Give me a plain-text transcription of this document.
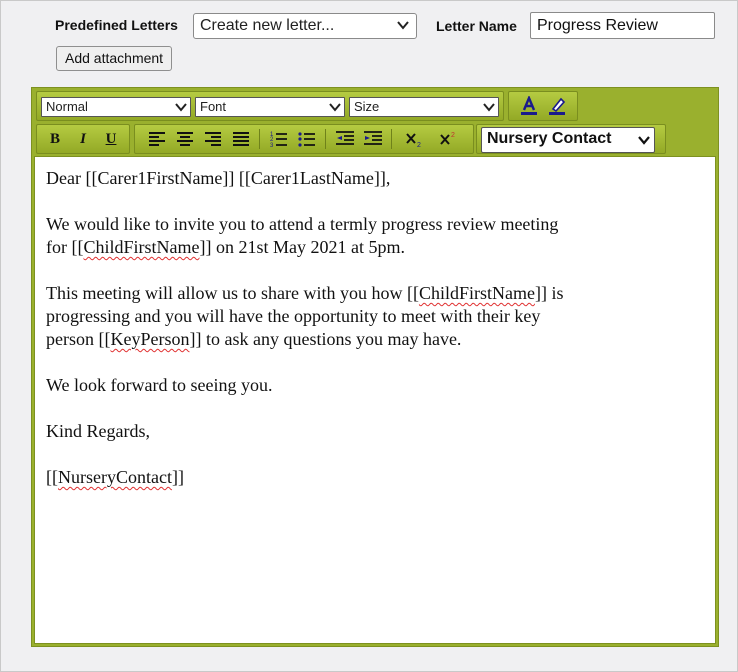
Predefined Letters	Create new letter...	Letter Name
Progress Review
Add attachment
Normal	Font	Size
B	I	U	1
2
3	2
2	Nursery Contact

Dear [[Carer1FirstName]] [[Carer1LastName]],

We would like to invite you to attend a termly progress review meeting
for [[ChildFirstName]] on 21st May 2021 at 5pm.

This meeting will allow us to share with you how [[ChildFirstName]] is
progressing and you will have the opportunity to meet with their key
person [[KeyPerson]] to ask any questions you may have.

We look forward to seeing you.

Kind Regards,

[[NurseryContact]]
